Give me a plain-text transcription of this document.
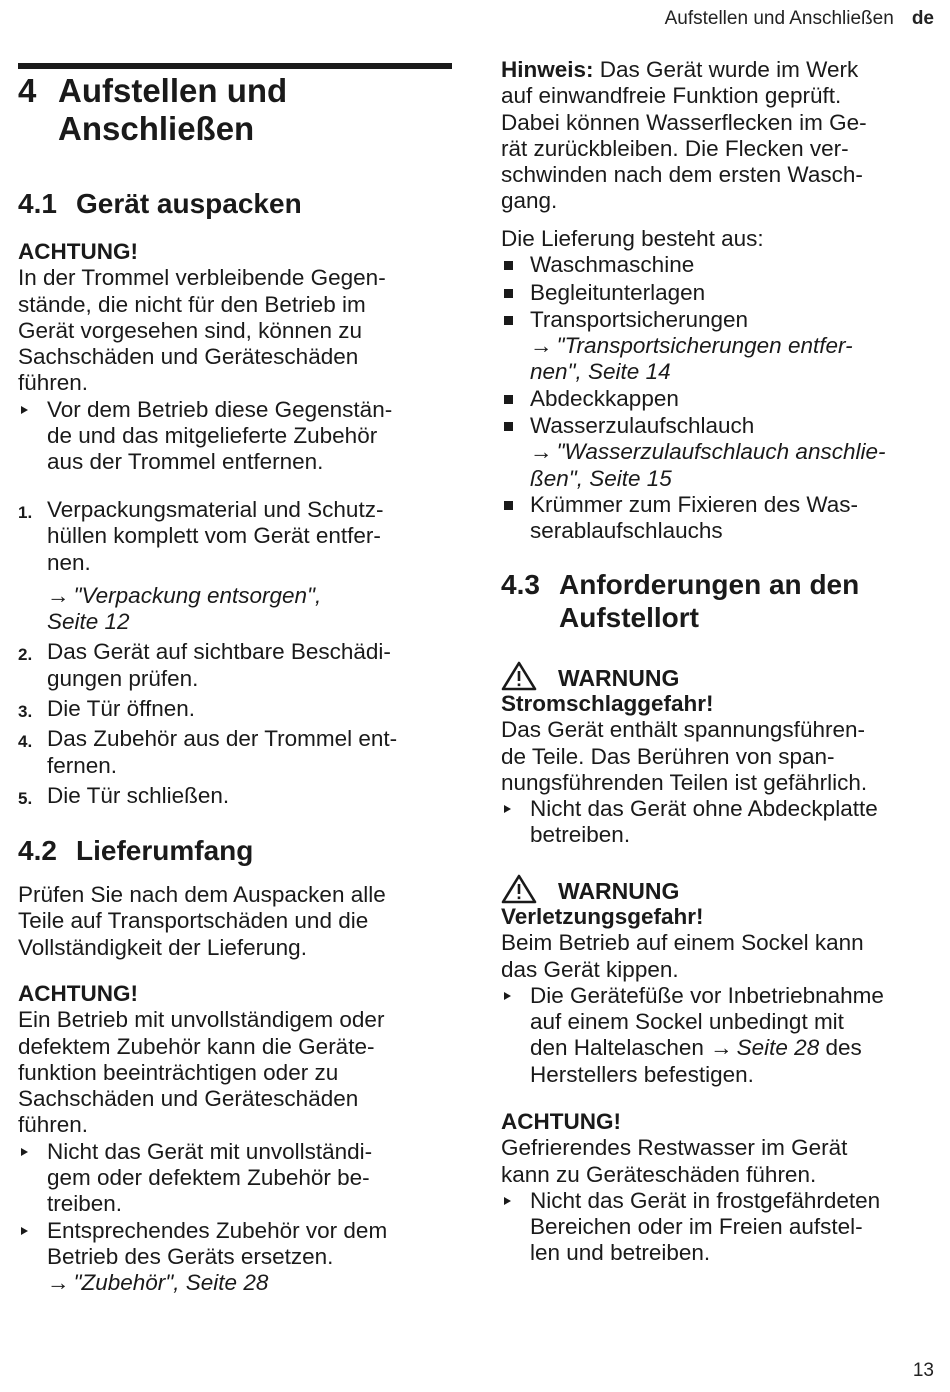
Aufstellen und Anschließen de
4 Aufstellen und
Anschließen
4.1 Gerät auspacken
ACHTUNG!

In der Trommel verbleibende Gegen-
stände, die nicht für den Betrieb im
Gerät vorgesehen sind, können zu
Sachschäden und Geräteschäden
führen.

Vor dem Betrieb diese Gegenstän-
de und das mitgelieferte Zubehör
aus der Trommel entfernen.
1. Verpackungsmaterial und Schutz-
hüllen komplett vom Gerät entfer-
nen.
→ "Verpackung entsorgen",
Seite 12
2. Das Gerät auf sichtbare Beschädi-
gungen prüfen.
3. Die Tür öffnen.
4. Das Zubehör aus der Trommel ent-
fernen.
5. Die Tür schließen.
4.2 Lieferumfang

Prüfen Sie nach dem Auspacken alle
Teile auf Transportschäden und die
Vollständigkeit der Lieferung.

ACHTUNG!

Ein Betrieb mit unvollständigem oder
defektem Zubehör kann die Geräte-
funktion beeinträchtigen oder zu
Sachschäden und Geräteschäden
führen.

Nicht das Gerät mit unvollständi-
gem oder defektem Zubehör be-
treiben.
Entsprechendes Zubehör vor dem
Betrieb des Geräts ersetzen.
→ "Zubehör", Seite 28

Hinweis: Das Gerät wurde im Werk
auf einwandfreie Funktion geprüft.
Dabei können Wasserflecken im Ge-
rät zurückbleiben. Die Flecken ver-
schwinden nach dem ersten Wasch-
gang.

Die Lieferung besteht aus:

Waschmaschine
Begleitunterlagen
Transportsicherungen
→ "Transportsicherungen entfer-
nen", Seite 14
Abdeckkappen
Wasserzulaufschlauch
→ "Wasserzulaufschlauch anschlie-
ßen", Seite 15
Krümmer zum Fixieren des Was-
serablaufschlauchs
4.3 Anforderungen an den
Aufstellort
WARNUNG
Stromschlaggefahr!

Das Gerät enthält spannungsführen-
de Teile. Das Berühren von span-
nungsführenden Teilen ist gefährlich.

Nicht das Gerät ohne Abdeckplatte
betreiben.
WARNUNG
Verletzungsgefahr!

Beim Betrieb auf einem Sockel kann
das Gerät kippen.

Die Gerätefüße vor Inbetriebnahme
auf einem Sockel unbedingt mit
den Haltelaschen → Seite 28 des
Herstellers befestigen.
ACHTUNG!

Gefrierendes Restwasser im Gerät
kann zu Geräteschäden führen.

Nicht das Gerät in frostgefährdeten
Bereichen oder im Freien aufstel-
len und betreiben.
13
